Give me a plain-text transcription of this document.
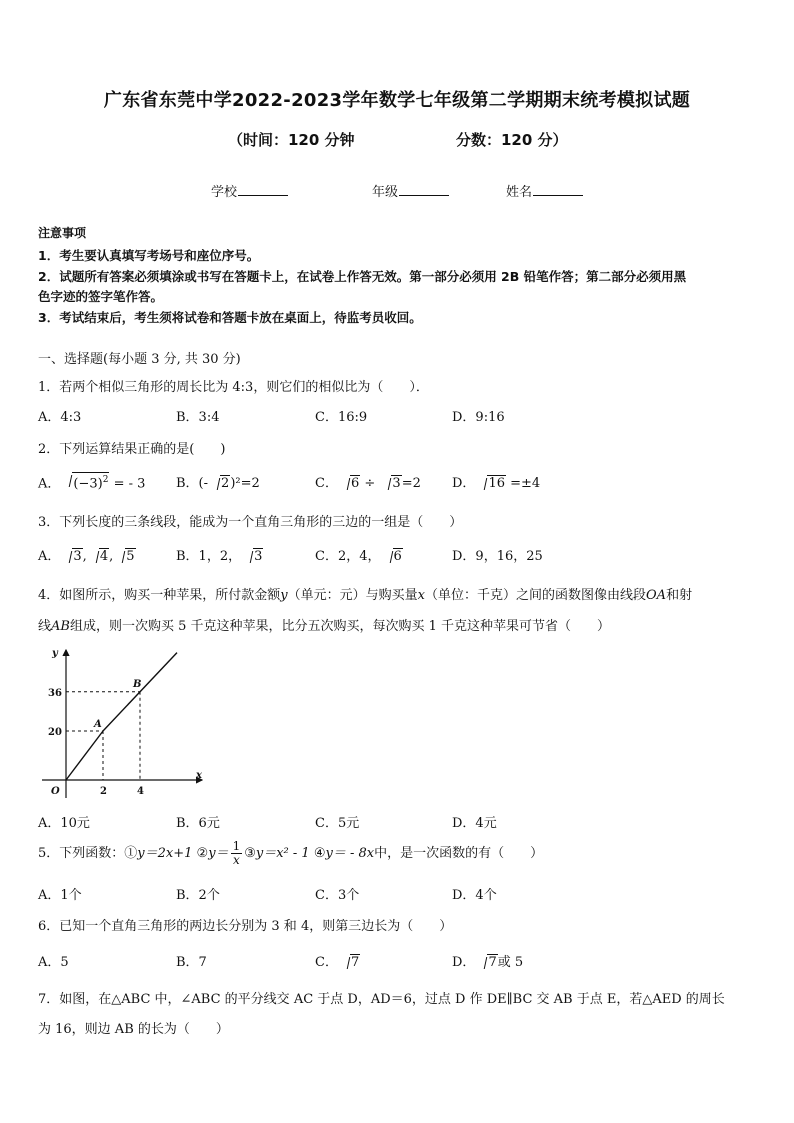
广东省东莞中学2022-2023学年数学七年级第二学期期末统考模拟试题
（时间：120 分钟	分数：120 分）
学校	年级	姓名
注意事项
1．考生要认真填写考场号和座位序号。
2．试题所有答案必须填涂或书写在答题卡上，在试卷上作答无效。第一部分必须用 2B 铅笔作答；第二部分必须用黑
色字迹的签字笔作答。
3．考试结束后，考生须将试卷和答题卡放在桌面上，待监考员收回。
一、选择题(每小题 3 分, 共 30 分)
1．若两个相似三角形的周长比为 4:3，则它们的相似比为（　　）．
A．4:3	B．3:4	C．16:9	D．9:16
2．下列运算结果正确的是(　　)
A． $(-3)^2$ = - 3 B．(- 2)²=2	C． 6 ÷ 3=2 D． 16 =±4
3．下列长度的三条线段，能成为一个直角三角形的三边的一组是（　　）
A． 3, 4, 5	B．1，2， 3	C．2，4， 6	D．9，16，25
4．如图所示，购买一种苹果，所付款金额y（单元：元）与购买量x（单位：千克）之间的函数图像由线段OA和射
线AB组成，则一次购买 5 千克这种苹果，比分五次购买，每次购买 1 千克这种苹果可节省（　　）
A
B
O	2	4
20
36
x
y
A．10元	B．6元	C．5元	D．4元
5．下列函数：①y＝2x+1 ②y＝ $\frac{1}{x}$ ③y＝x² - 1 ④y＝ - 8x中，是一次函数的有（　　）
A．1个	B．2个	C．3个	D．4个
6．已知一个直角三角形的两边长分别为 3 和 4，则第三边长为（　　）
A．5	B．7	C． 7	D． 7或 5
7．如图，在△ABC 中，∠ABC 的平分线交 AC 于点 D，AD＝6，过点 D 作 DE∥BC 交 AB 于点 E，若△AED 的周长
为 16，则边 AB 的长为（　　）
